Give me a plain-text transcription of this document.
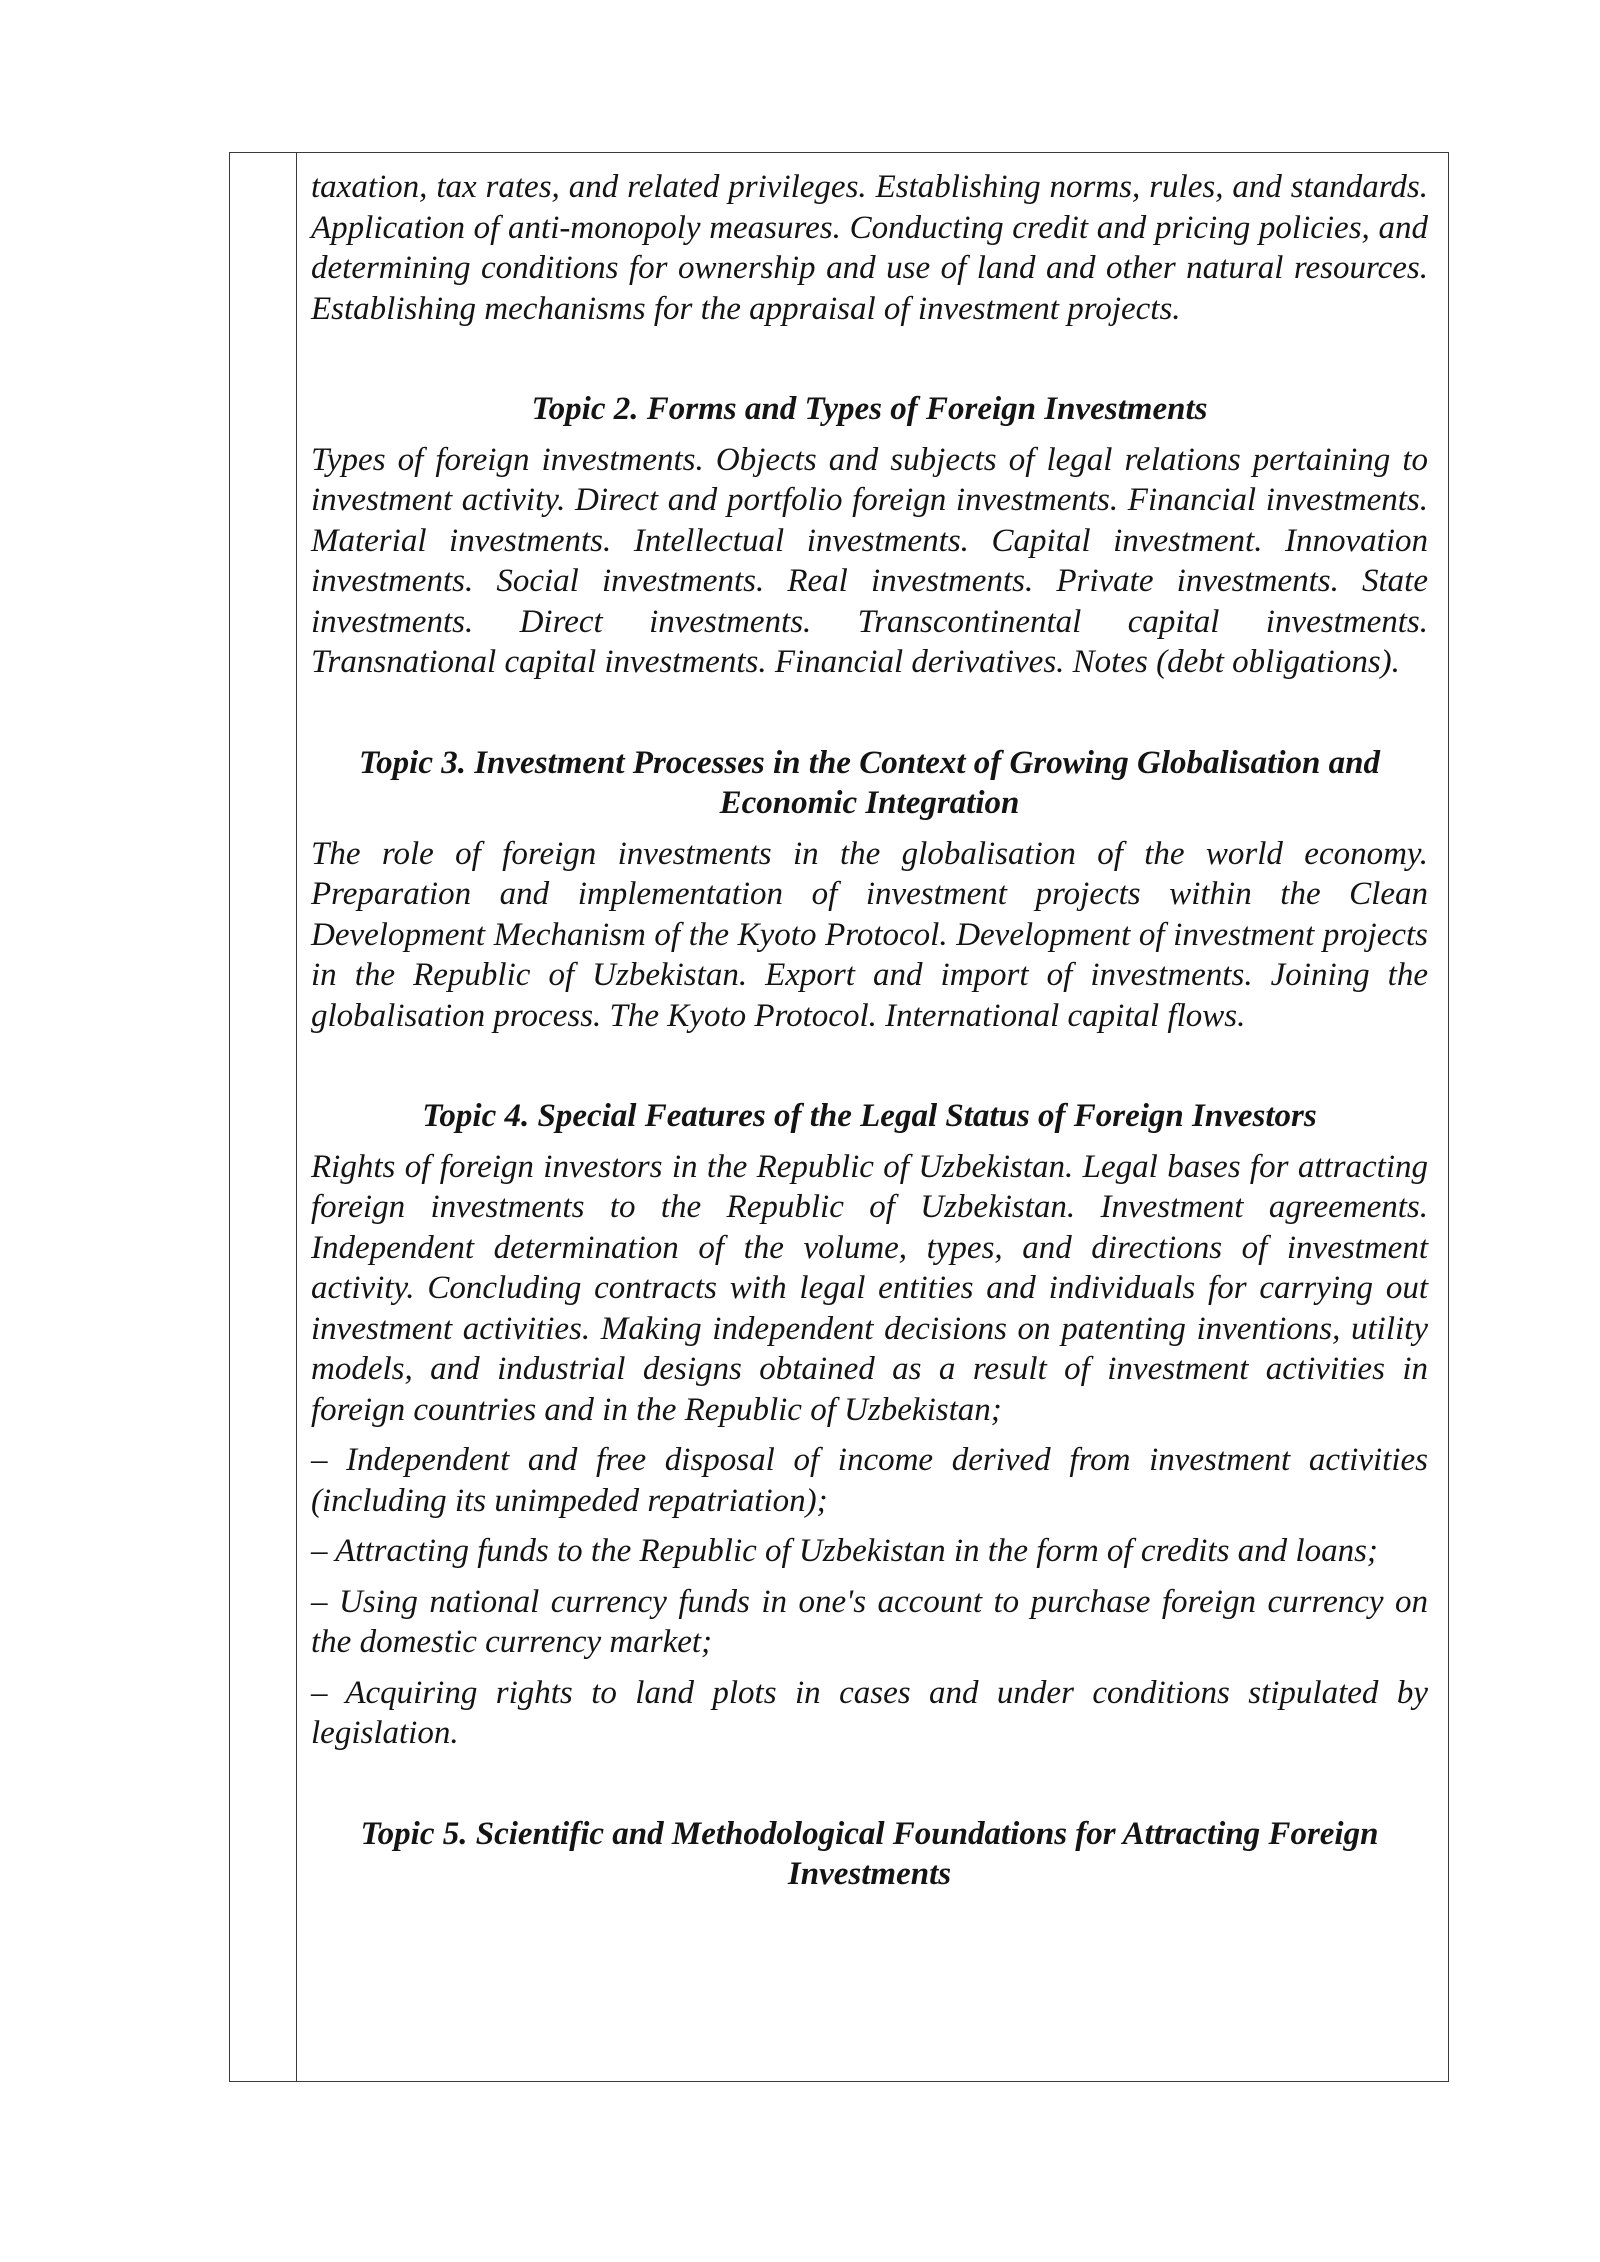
taxation, tax rates, and related privileges. Establishing norms, rules, and standards. Application of anti-monopoly measures. Conducting credit and pricing policies, and determining conditions for ownership and use of land and other natural resources. Establishing mechanisms for the appraisal of investment projects.

Topic 2. Forms and Types of Foreign Investments

Types of foreign investments. Objects and subjects of legal relations pertaining to investment activity. Direct and portfolio foreign investments. Financial investments. Material investments. Intellectual investments. Capital investment. Innovation investments. Social investments. Real investments. Private investments. State investments. Direct investments. Transcontinental capital investments. Transnational capital investments. Financial derivatives. Notes (debt obligations).

Topic 3. Investment Processes in the Context of Growing Globalisation and Economic Integration

The role of foreign investments in the globalisation of the world economy. Preparation and implementation of investment projects within the Clean Development Mechanism of the Kyoto Protocol. Development of investment projects in the Republic of Uzbekistan. Export and import of investments. Joining the globalisation process. The Kyoto Protocol. International capital flows.

Topic 4. Special Features of the Legal Status of Foreign Investors

Rights of foreign investors in the Republic of Uzbekistan. Legal bases for attracting foreign investments to the Republic of Uzbekistan. Investment agreements. Independent determination of the volume, types, and directions of investment activity. Concluding contracts with legal entities and individuals for carrying out investment activities. Making independent decisions on patenting inventions, utility models, and industrial designs obtained as a result of investment activities in foreign countries and in the Republic of Uzbekistan;

– Independent and free disposal of income derived from investment activities (including its unimpeded repatriation);

– Attracting funds to the Republic of Uzbekistan in the form of credits and loans;

– Using national currency funds in one's account to purchase foreign currency on the domestic currency market;

– Acquiring rights to land plots in cases and under conditions stipulated by legislation.

Topic 5. Scientific and Methodological Foundations for Attracting Foreign Investments
